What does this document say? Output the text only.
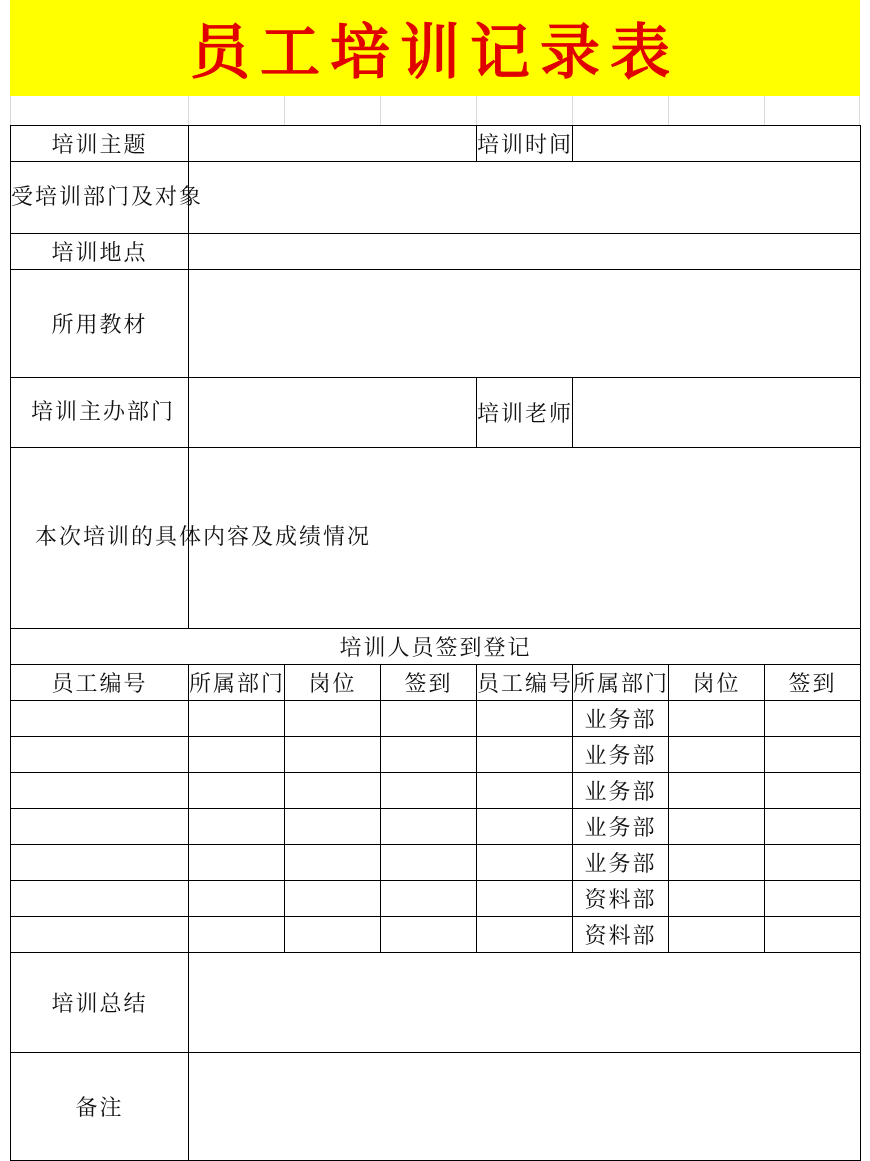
员工培训记录表
培训主题				培训时间			
受培训部门及对象							
培训地点							
所用教材							
培训主办部门				培训老师			
本次培训的具体内容及成绩情况							
培训人员签到登记							
员工编号	所属部门	岗位	签到	员工编号	所属部门	岗位	签到
					业务部		
					业务部		
					业务部		
					业务部		
					业务部		
					资料部		
					资料部		
培训总结							
备注							
